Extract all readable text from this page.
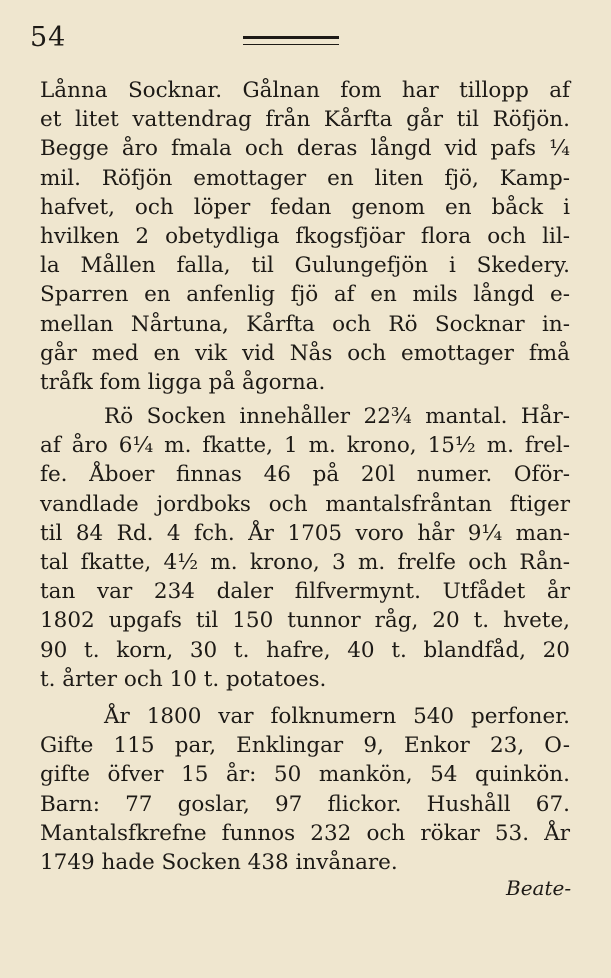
54
Lånna Socknar. Gålnan fom har tillopp af
et litet vattendrag från Kårfta går til Röfjön.
Begge åro fmala och deras långd vid pafs ¼
mil. Röfjön emottager en liten fjö, Kamp-
hafvet, och löper fedan genom en båck i
hvilken 2 obetydliga fkogsfjöar flora och lil-
la Mållen falla, til Gulungefjön i Skedery.
Sparren en anfenlig fjö af en mils långd e-
mellan Nårtuna, Kårfta och Rö Socknar in-
går med en vik vid Nås och emottager fmå
tråfk fom ligga på ågorna.
Rö Socken innehåller 22¾ mantal. Hår-
af åro 6¼ m. fkatte, 1 m. krono, 15½ m. frel-
fe. Åboer finnas 46 på 20l numer. Oför-
vandlade jordboks och mantalsfråntan ftiger
til 84 Rd. 4 fch. År 1705 voro hår 9¼ man-
tal fkatte, 4½ m. krono, 3 m. frelfe och Rån-
tan var 234 daler filfvermynt. Utfådet år
1802 upgafs til 150 tunnor råg, 20 t. hvete,
90 t. korn, 30 t. hafre, 40 t. blandfåd, 20
t. årter och 10 t. potatoes.
År 1800 var folknumern 540 perfoner.
Gifte 115 par, Enklingar 9, Enkor 23, O-
gifte öfver 15 år: 50 mankön, 54 quinkön.
Barn: 77 goslar, 97 flickor. Hushåll 67.
Mantalsfkrefne funnos 232 och rökar 53. År
1749 hade Socken 438 invånare.
Beate-
